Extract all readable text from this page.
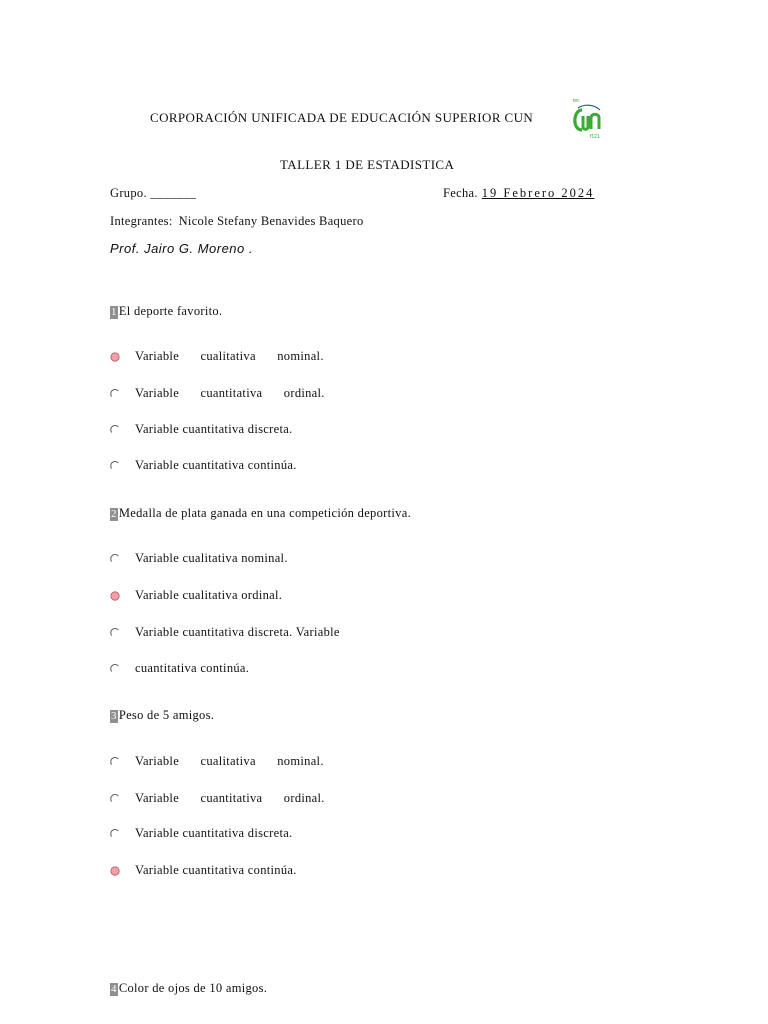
CORPORACIÓN UNIFICADA DE EDUCACIÓN SUPERIOR CUN
tec
f121
TALLER 1 DE ESTADISTICA
Grupo. _______	Fecha. 19 Febrero 2024
Integrantes: Nicole Stefany Benavides Baquero
Prof. Jairo G. Moreno .
1 El deporte favorito.
Variable cualitativa nominal.
Variable cuantitativa ordinal.
Variable cuantitativa discreta.
Variable cuantitativa continúa.
2 Medalla de plata ganada en una competición deportiva.
Variable cualitativa nominal.
Variable cualitativa ordinal.
Variable cuantitativa discreta. Variable
cuantitativa continúa.
3 Peso de 5 amigos.
Variable cualitativa nominal.
Variable cuantitativa ordinal.
Variable cuantitativa discreta.
Variable cuantitativa continúa.
4 Color de ojos de 10 amigos.
